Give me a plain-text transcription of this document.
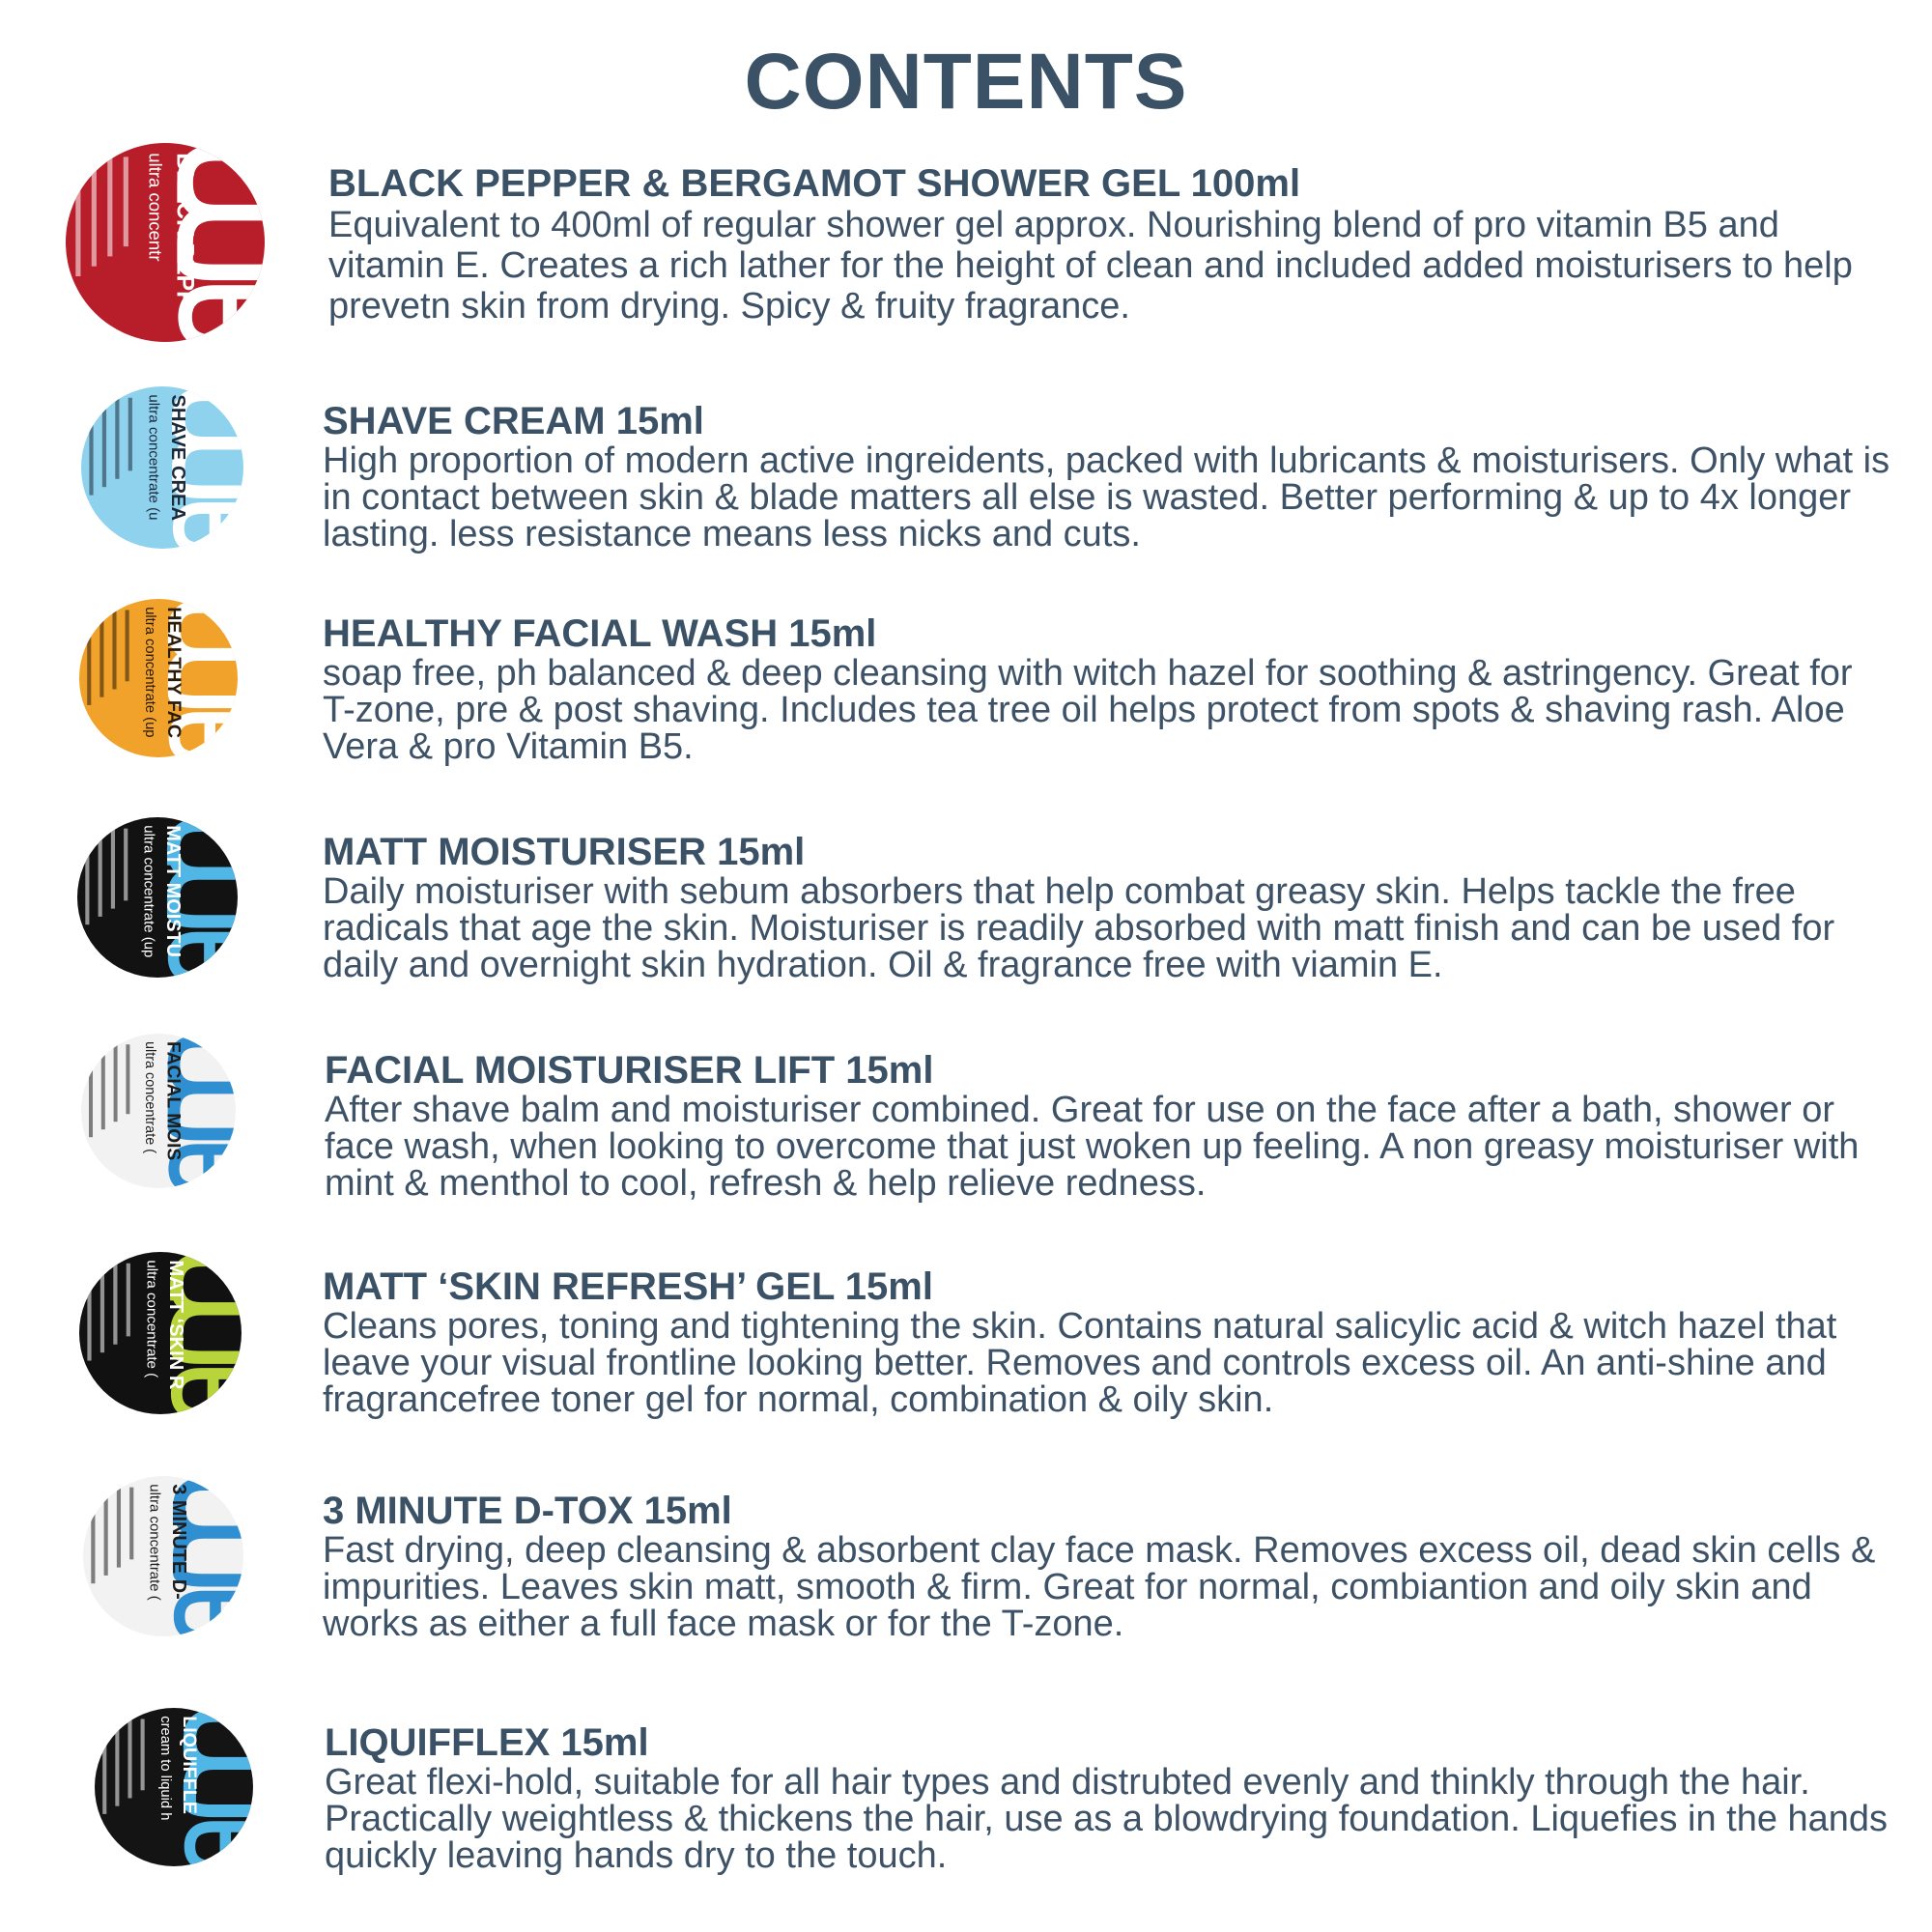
CONTENTS
BLACK PEPP
ultra concentr	BLACK PEPPER & BERGAMOT SHOWER GEL 100ml

Equivalent to 400ml of regular shower gel approx. Nourishing blend of pro vitamin B5 and vitamin E. Creates a rich lather for the height of clean and included added moisturisers to help prevetn skin from drying. Spicy & fruity fragrance.

SHAVE CREA
ultra concentrate (u	SHAVE CREAM 15ml

High proportion of modern active ingreidents, packed with lubricants & moisturisers. Only what is in contact between skin & blade matters all else is wasted. Better performing & up to 4x longer lasting. less resistance means less nicks and cuts.

HEALTHY FAC
ultra concentrate (up	HEALTHY FACIAL WASH 15ml

soap free, ph balanced & deep cleansing with witch hazel for soothing & astringency. Great for T-zone, pre & post shaving. Includes tea tree oil helps protect from spots & shaving rash. Aloe Vera & pro Vitamin B5.

MATT MOISTU
ultra concentrate (up	MATT MOISTURISER 15ml

Daily moisturiser with sebum absorbers that help combat greasy skin. Helps tackle the free radicals that age the skin. Moisturiser is readily absorbed with matt finish and can be used for daily and overnight skin hydration. Oil & fragrance free with viamin E.

FACIAL MOIS
ultra concentrate (	FACIAL MOISTURISER LIFT 15ml

After shave balm and moisturiser combined. Great for use on the face after a bath, shower or face wash, when looking to overcome that just woken up feeling. A non greasy moisturiser with mint & menthol to cool, refresh & help relieve redness.

MATT ‘SKIN R
ultra concentrate (	MATT ‘SKIN REFRESH’ GEL 15ml

Cleans pores, toning and tightening the skin. Contains natural salicylic acid & witch hazel that leave your visual frontline looking better. Removes and controls excess oil. An anti-shine and fragrancefree toner gel for normal, combination & oily skin.

3 MINUTE D-
ultra concentrate (	3 MINUTE D-TOX 15ml

Fast drying, deep cleansing & absorbent clay face mask. Removes excess oil, dead skin cells & impurities. Leaves skin matt, smooth & firm. Great for normal, combiantion and oily skin and works as either a full face mask or for the T-zone.

LIQUIFFLE
cream to liquid h	LIQUIFFLEX 15ml

Great flexi-hold, suitable for all hair types and distrubted evenly and thinkly through the hair. Practically weightless & thickens the hair, use as a blowdrying foundation. Liquefies in the hands quickly leaving hands dry to the touch.
